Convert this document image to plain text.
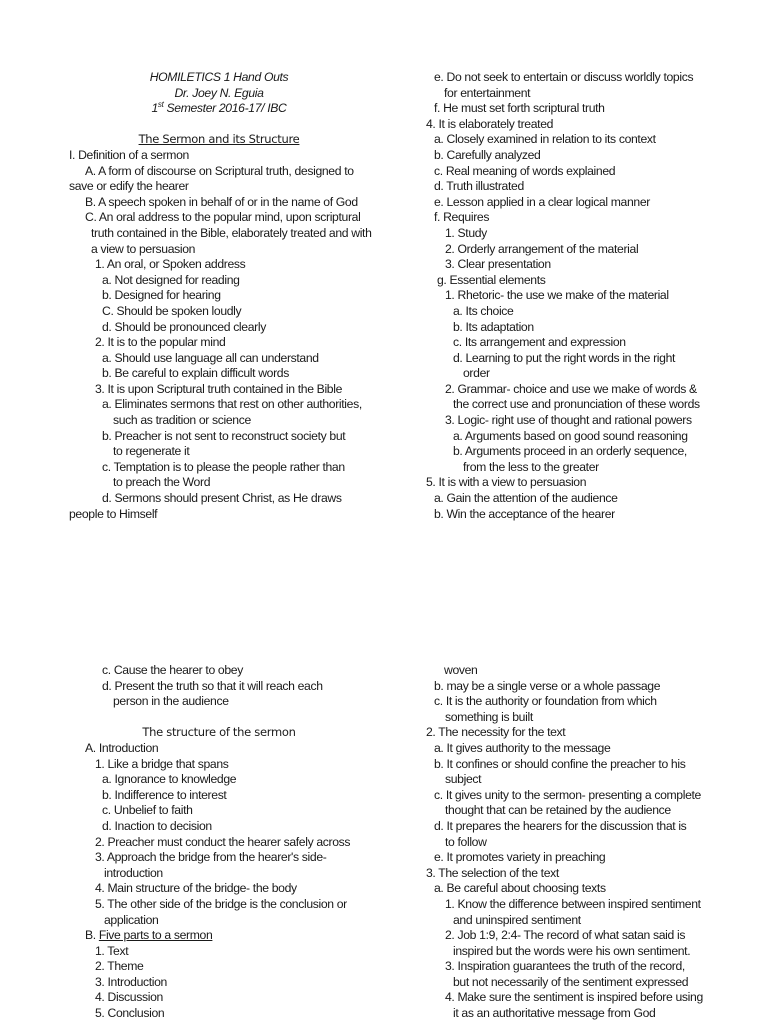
HOMILETICS 1 Hand Outs
Dr. Joey N. Eguia
1st Semester 2016-17/ IBC
The Sermon and its Structure
I. Definition of a sermon
A. A form of discourse on Scriptural truth, designed to
save or edify the hearer
B. A speech spoken in behalf of or in the name of God
C. An oral address to the popular mind, upon scriptural
truth contained in the Bible, elaborately treated and with
a view to persuasion
1. An oral, or Spoken address
a. Not designed for reading
b. Designed for hearing
C. Should be spoken loudly
d. Should be pronounced clearly
2. It is to the popular mind
a. Should use language all can understand
b. Be careful to explain difficult words
3. It is upon Scriptural truth contained in the Bible
a. Eliminates sermons that rest on other authorities,
such as tradition or science
b. Preacher is not sent to reconstruct society but
to regenerate it
c. Temptation is to please the people rather than
to preach the Word
d. Sermons should present Christ, as He draws
people to Himself
e. Do not seek to entertain or discuss worldly topics
for entertainment
f. He must set forth scriptural truth
4. It is elaborately treated
a. Closely examined in relation to its context
b. Carefully analyzed
c. Real meaning of words explained
d. Truth illustrated
e. Lesson applied in a clear logical manner
f. Requires
1. Study
2. Orderly arrangement of the material
3. Clear presentation
g. Essential elements
1. Rhetoric- the use we make of the material
a. Its choice
b. Its adaptation
c. Its arrangement and expression
d. Learning to put the right words in the right
order
2. Grammar- choice and use we make of words &
the correct use and pronunciation of these words
3. Logic- right use of thought and rational powers
a. Arguments based on good sound reasoning
b. Arguments proceed in an orderly sequence,
from the less to the greater
5. It is with a view to persuasion
a. Gain the attention of the audience
b. Win the acceptance of the hearer
c. Cause the hearer to obey
d. Present the truth so that it will reach each
person in the audience
The structure of the sermon
A. Introduction
1. Like a bridge that spans
a. Ignorance to knowledge
b. Indifference to interest
c. Unbelief to faith
d. Inaction to decision
2. Preacher must conduct the hearer safely across
3. Approach the bridge from the hearer's side-
introduction
4. Main structure of the bridge- the body
5. The other side of the bridge is the conclusion or
application
B. Five parts to a sermon
1. Text
2. Theme
3. Introduction
4. Discussion
5. Conclusion
woven
b. may be a single verse or a whole passage
c. It is the authority or foundation from which
something is built
2. The necessity for the text
a. It gives authority to the message
b. It confines or should confine the preacher to his
subject
c. It gives unity to the sermon- presenting a complete
thought that can be retained by the audience
d. It prepares the hearers for the discussion that is
to follow
e. It promotes variety in preaching
3. The selection of the text
a. Be careful about choosing texts
1. Know the difference between inspired sentiment
and uninspired sentiment
2. Job 1:9, 2:4- The record of what satan said is
inspired but the words were his own sentiment.
3. Inspiration guarantees the truth of the record,
but not necessarily of the sentiment expressed
4. Make sure the sentiment is inspired before using
it as an authoritative message from God
